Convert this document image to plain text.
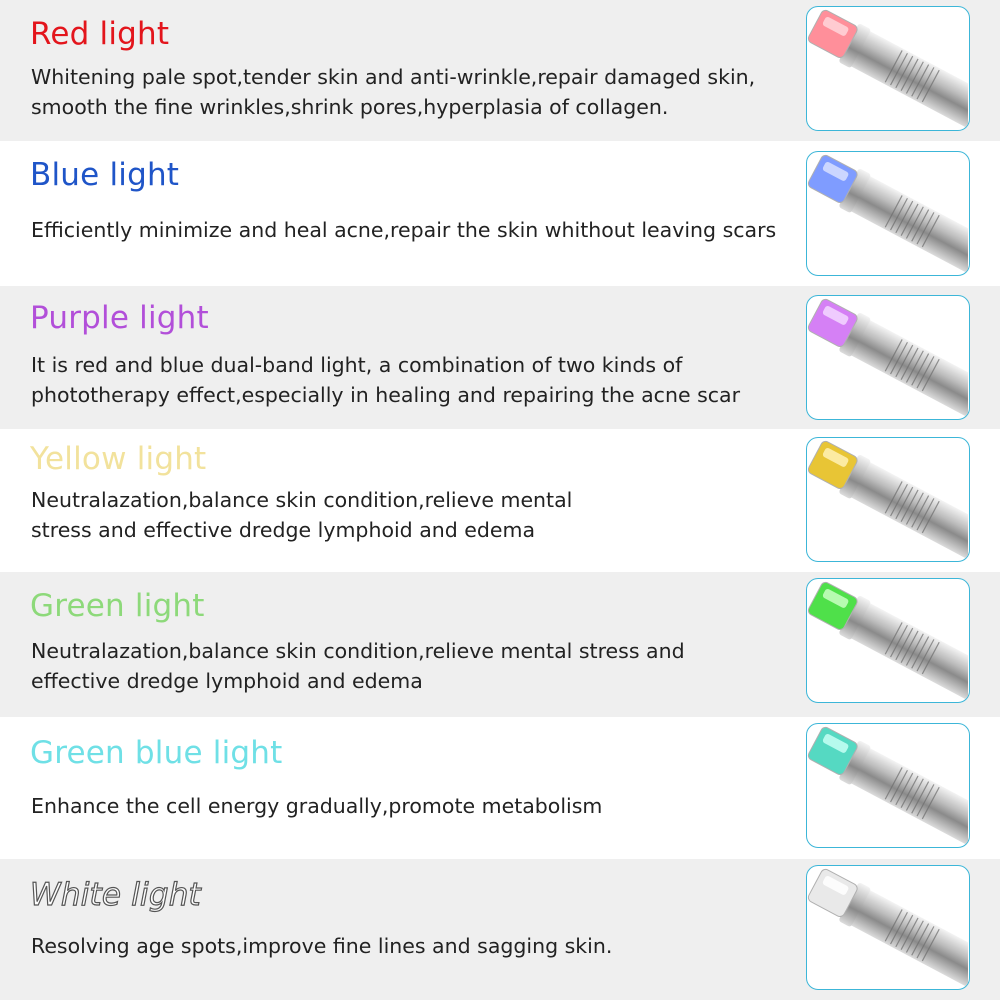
Red light
Whitening pale spot,tender skin and anti-wrinkle,repair damaged skin,
smooth the fine wrinkles,shrink pores,hyperplasia of collagen.
Blue light
Efficiently minimize and heal acne,repair the skin whithout leaving scars
Purple light
It is red and blue dual-band light, a combination of two kinds of
phototherapy effect,especially in healing and repairing the acne scar
Yellow light
Neutralazation,balance skin condition,relieve mental
stress and effective dredge lymphoid and edema
Green light
Neutralazation,balance skin condition,relieve mental stress and
effective dredge lymphoid and edema
Green blue light
Enhance the cell energy gradually,promote metabolism
White light
Resolving age spots,improve fine lines and sagging skin.
